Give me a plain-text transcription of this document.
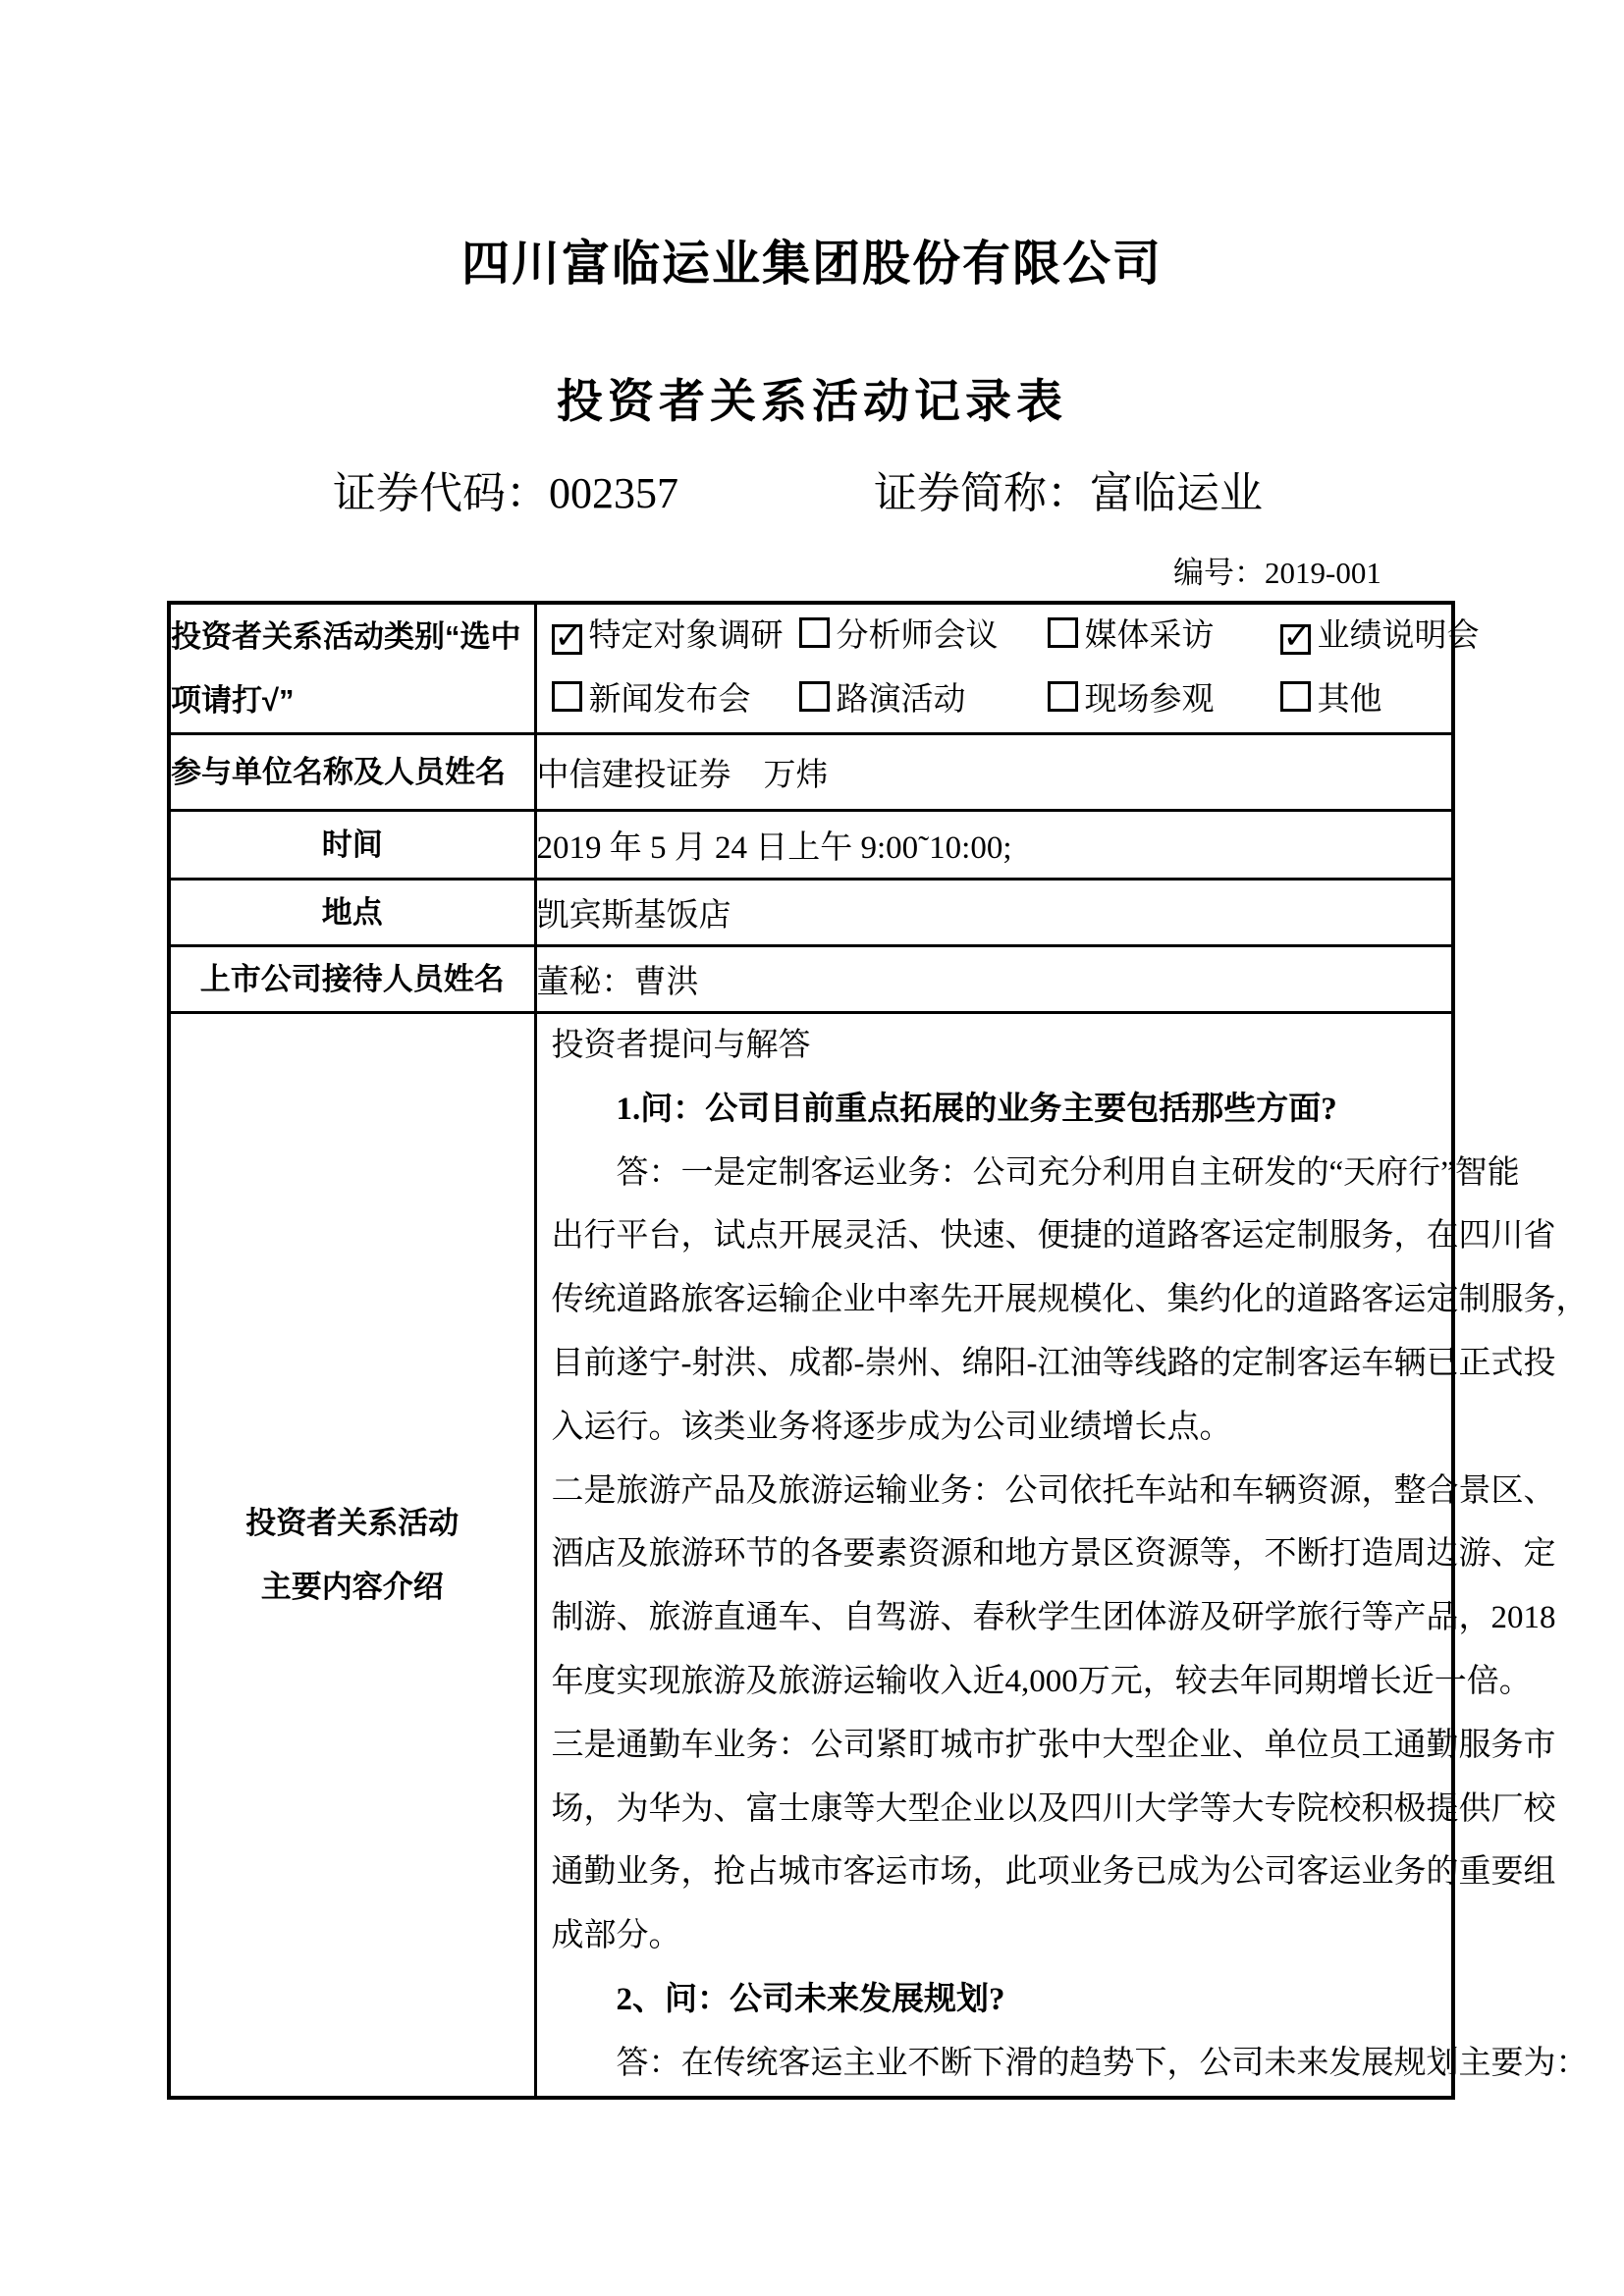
四川富临运业集团股份有限公司
投资者关系活动记录表
证券代码：002357	证券简称：富临运业
编号：2019-001
投资者关系活动类别“选中
项请打√”

✓ 特定对象调研	分析师会议	媒体采访	✓ 业绩说明会
新闻发布会	路演活动	现场参观	其他

参与单位名称及人员姓名	中信建投证券　万炜
时间	2019 年 5 月 24 日上午 9:00˜10:00;
地点	凯宾斯基饭店
上市公司接待人员姓名	董秘：曹洪

投资者关系活动
主要内容介绍

投资者提问与解答
1.问：公司目前重点拓展的业务主要包括那些方面?
答：一是定制客运业务：公司充分利用自主研发的“天府行”智能
出行平台，试点开展灵活、快速、便捷的道路客运定制服务，在四川省
传统道路旅客运输企业中率先开展规模化、集约化的道路客运定制服务，
目前遂宁-射洪、成都-崇州、绵阳-江油等线路的定制客运车辆已正式投
入运行。该类业务将逐步成为公司业绩增长点。
二是旅游产品及旅游运输业务：公司依托车站和车辆资源，整合景区、
酒店及旅游环节的各要素资源和地方景区资源等，不断打造周边游、定
制游、旅游直通车、自驾游、春秋学生团体游及研学旅行等产品，2018
年度实现旅游及旅游运输收入近4,000万元，较去年同期增长近一倍。
三是通勤车业务：公司紧盯城市扩张中大型企业、单位员工通勤服务市
场，为华为、富士康等大型企业以及四川大学等大专院校积极提供厂校
通勤业务，抢占城市客运市场，此项业务已成为公司客运业务的重要组
成部分。
2、问：公司未来发展规划?
答：在传统客运主业不断下滑的趋势下，公司未来发展规划主要为：
